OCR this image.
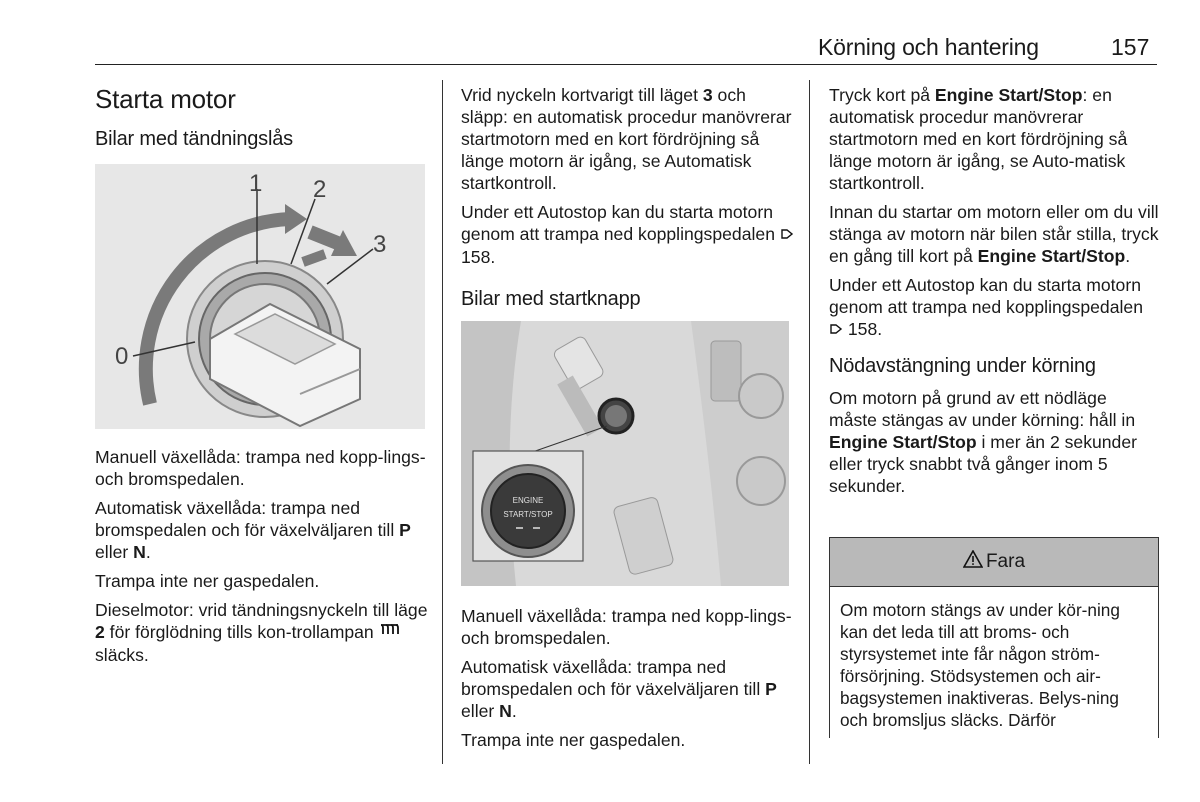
Körning och hantering	157
Starta motor
Bilar med tändningslås
1 2
3
0

Manuell växellåda: trampa ned kopp-lings- och bromspedalen.

Automatisk växellåda: trampa ned bromspedalen och för växelväljaren till P eller N.

Trampa inte ner gaspedalen.

Dieselmotor: vrid tändningsnyckeln till läge 2 för förglödning tills kon-trollampan  släcks.

Vrid nyckeln kortvarigt till läget 3 och släpp: en automatisk procedur manövrerar startmotorn med en kort fördröjning så länge motorn är igång, se Automatisk startkontroll.

Under ett Autostop kan du starta motorn genom att trampa ned kopplingspedalen  158.

Bilar med startknapp
ENGINE
START/STOP

Manuell växellåda: trampa ned kopp-lings- och bromspedalen.

Automatisk växellåda: trampa ned bromspedalen och för växelväljaren till P eller N.

Trampa inte ner gaspedalen.

Tryck kort på Engine Start/Stop: en automatisk procedur manövrerar startmotorn med en kort fördröjning så länge motorn är igång, se Auto-matisk startkontroll.

Innan du startar om motorn eller om du vill stänga av motorn när bilen står stilla, tryck en gång till kort på Engine Start/Stop.

Under ett Autostop kan du starta motorn genom att trampa ned kopplingspedalen  158.

Nödavstängning under körning

Om motorn på grund av ett nödläge måste stängas av under körning: håll in Engine Start/Stop i mer än 2 sekunder eller tryck snabbt två gånger inom 5 sekunder.

Fara
Om motorn stängs av under kör-ning kan det leda till att broms- och styrsystemet inte får någon ström-försörjning. Stödsystemen och air-bagsystemen inaktiveras. Belys-ning och bromsljus släcks. Därför
